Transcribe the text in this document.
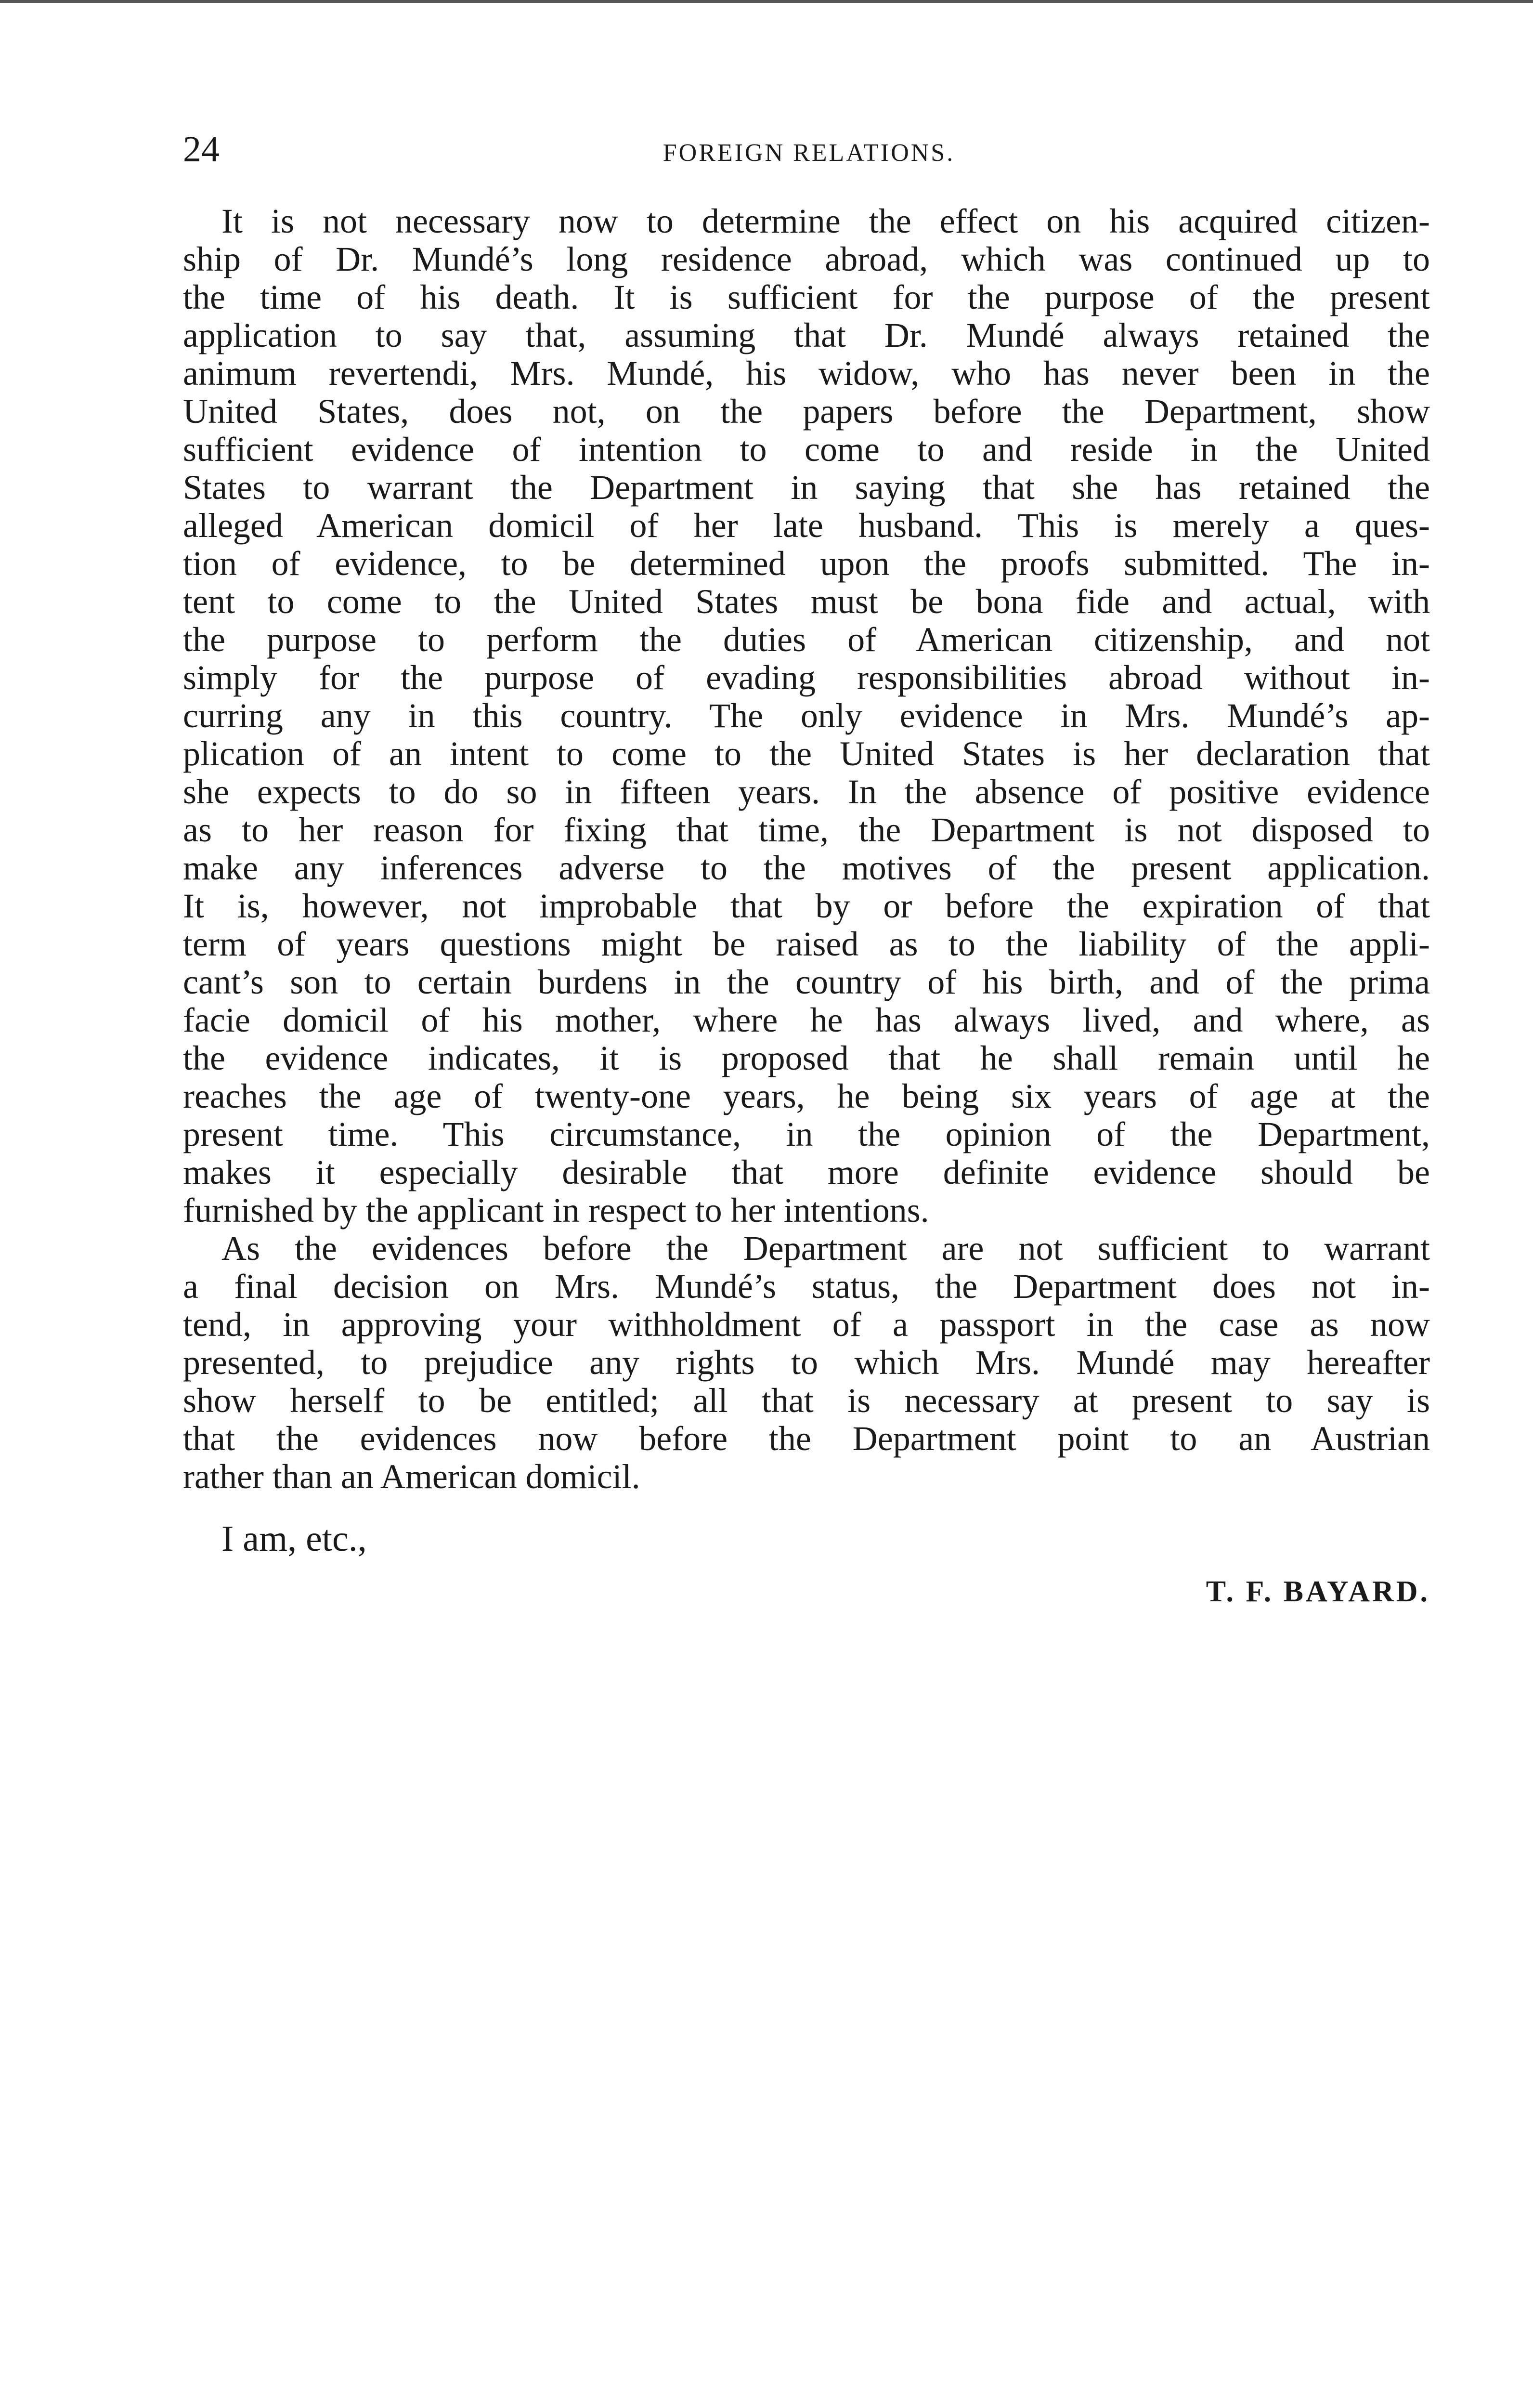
24	FOREIGN RELATIONS.
It is not necessary now to determine the effect on his acquired citizen-
ship of Dr. Mundé’s long residence abroad, which was continued up to
the time of his death. It is sufficient for the purpose of the present
application to say that, assuming that Dr. Mundé always retained the
animum revertendi, Mrs. Mundé, his widow, who has never been in the
United States, does not, on the papers before the Department, show
sufficient evidence of intention to come to and reside in the United
States to warrant the Department in saying that she has retained the
alleged American domicil of her late husband. This is merely a ques-
tion of evidence, to be determined upon the proofs submitted. The in-
tent to come to the United States must be bona fide and actual, with
the purpose to perform the duties of American citizenship, and not
simply for the purpose of evading responsibilities abroad without in-
curring any in this country. The only evidence in Mrs. Mundé’s ap-
plication of an intent to come to the United States is her declaration that
she expects to do so in fifteen years. In the absence of positive evidence
as to her reason for fixing that time, the Department is not disposed to
make any inferences adverse to the motives of the present application.
It is, however, not improbable that by or before the expiration of that
term of years questions might be raised as to the liability of the appli-
cant’s son to certain burdens in the country of his birth, and of the prima
facie domicil of his mother, where he has always lived, and where, as
the evidence indicates, it is proposed that he shall remain until he
reaches the age of twenty-one years, he being six years of age at the
present time. This circumstance, in the opinion of the Department,
makes it especially desirable that more definite evidence should be
furnished by the applicant in respect to her intentions.
As the evidences before the Department are not sufficient to warrant
a final decision on Mrs. Mundé’s status, the Department does not in-
tend, in approving your withholdment of a passport in the case as now
presented, to prejudice any rights to which Mrs. Mundé may hereafter
show herself to be entitled; all that is necessary at present to say is
that the evidences now before the Department point to an Austrian
rather than an American domicil.
I am, etc.,
T. F. BAYARD.
